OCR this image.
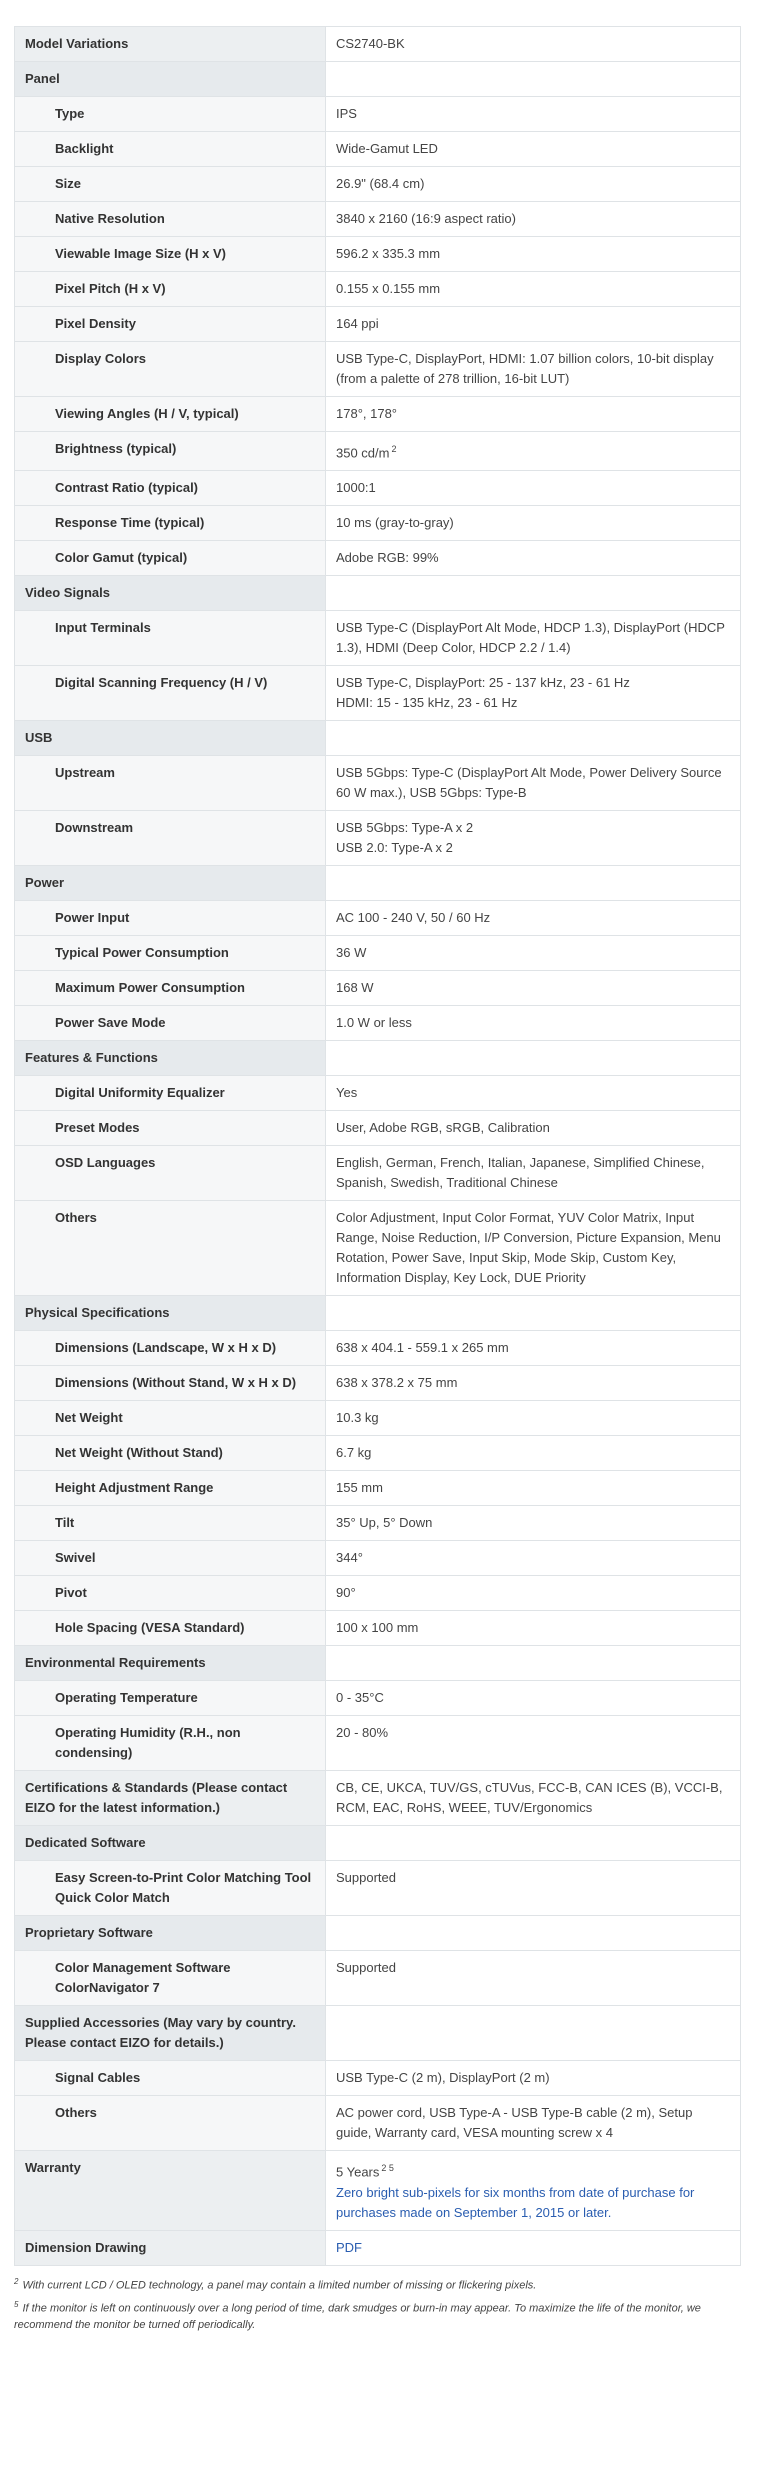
Model Variations	CS2740-BK
Panel	
Type	IPS
Backlight	Wide-Gamut LED
Size	26.9" (68.4 cm)
Native Resolution	3840 x 2160 (16:9 aspect ratio)
Viewable Image Size (H x V)	596.2 x 335.3 mm
Pixel Pitch (H x V)	0.155 x 0.155 mm
Pixel Density	164 ppi
Display Colors	USB Type-C, DisplayPort, HDMI: 1.07 billion colors, 10-bit display (from a palette of 278 trillion, 16-bit LUT)
Viewing Angles (H / V, typical)	178°, 178°
Brightness (typical)	350 cd/m $^2$
Contrast Ratio (typical)	1000:1
Response Time (typical)	10 ms (gray-to-gray)
Color Gamut (typical)	Adobe RGB: 99%
Video Signals	
Input Terminals	USB Type-C (DisplayPort Alt Mode, HDCP 1.3), DisplayPort (HDCP 1.3), HDMI (Deep Color, HDCP 2.2 / 1.4)
Digital Scanning Frequency (H / V)	USB Type-C, DisplayPort: 25 - 137 kHz, 23 - 61 Hz
HDMI: 15 - 135 kHz, 23 - 61 Hz
USB	
Upstream	USB 5Gbps: Type-C (DisplayPort Alt Mode, Power Delivery Source 60 W max.), USB 5Gbps: Type-B
Downstream	USB 5Gbps: Type-A x 2
USB 2.0: Type-A x 2
Power	
Power Input	AC 100 - 240 V, 50 / 60 Hz
Typical Power Consumption	36 W
Maximum Power Consumption	168 W
Power Save Mode	1.0 W or less
Features & Functions	
Digital Uniformity Equalizer	Yes
Preset Modes	User, Adobe RGB, sRGB, Calibration
OSD Languages	English, German, French, Italian, Japanese, Simplified Chinese, Spanish, Swedish, Traditional Chinese
Others	Color Adjustment, Input Color Format, YUV Color Matrix, Input Range, Noise Reduction, I/P Conversion, Picture Expansion, Menu Rotation, Power Save, Input Skip, Mode Skip, Custom Key, Information Display, Key Lock, DUE Priority
Physical Specifications	
Dimensions (Landscape, W x H x D)	638 x 404.1 - 559.1 x 265 mm
Dimensions (Without Stand, W x H x D)	638 x 378.2 x 75 mm
Net Weight	10.3 kg
Net Weight (Without Stand)	6.7 kg
Height Adjustment Range	155 mm
Tilt	35° Up, 5° Down
Swivel	344°
Pivot	90°
Hole Spacing (VESA Standard)	100 x 100 mm
Environmental Requirements	
Operating Temperature	0 - 35°C
Operating Humidity (R.H., non condensing)	20 - 80%
Certifications & Standards (Please contact EIZO for the latest information.)	CB, CE, UKCA, TUV/GS, cTUVus, FCC-B, CAN ICES (B), VCCI-B, RCM, EAC, RoHS, WEEE, TUV/Ergonomics
Dedicated Software	
Easy Screen-to-Print Color Matching Tool Quick Color Match	Supported
Proprietary Software	
Color Management Software ColorNavigator 7	Supported
Supplied Accessories (May vary by country. Please contact EIZO for details.)	
Signal Cables	USB Type-C (2 m), DisplayPort (2 m)
Others	AC power cord, USB Type-A - USB Type-B cable (2 m), Setup guide, Warranty card, VESA mounting screw x 4
Warranty	5 Years $^{2 5}$
Zero bright sub-pixels for six months from date of purchase for purchases made on September 1, 2015 or later.
Dimension Drawing	PDF
$^2$ With current LCD / OLED technology, a panel may contain a limited number of missing or flickering pixels.
$^5$ If the monitor is left on continuously over a long period of time, dark smudges or burn-in may appear. To maximize the life of the monitor, we recommend the monitor be turned off periodically.
